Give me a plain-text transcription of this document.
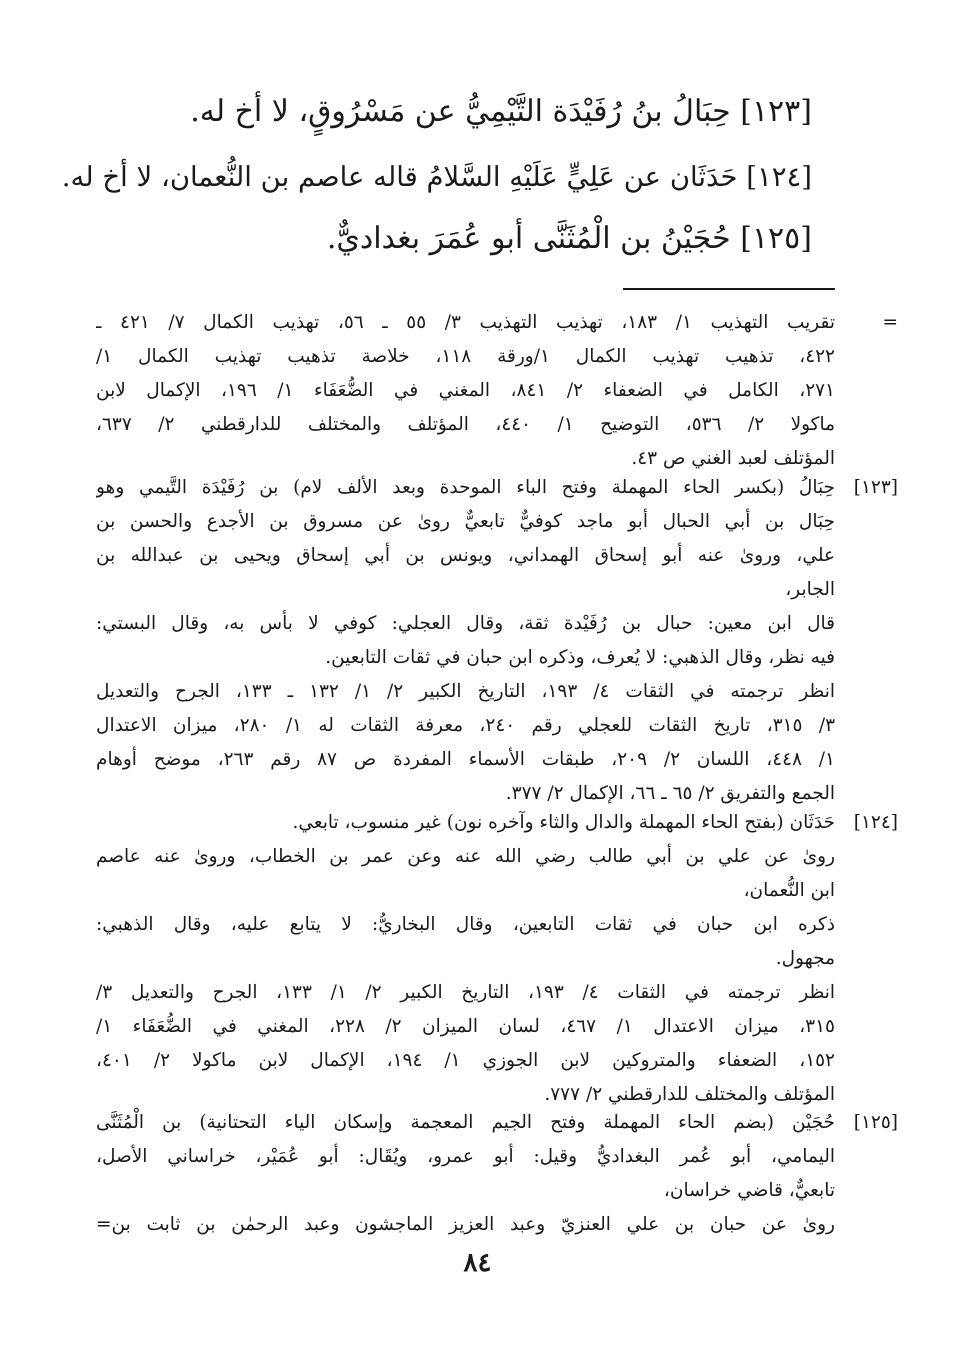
[١٢٣] حِبَالُ بنُ رُفَيْدَة التَّيْمِيُّ عن مَسْرُوقٍ، لا أخ له.
[١٢٤] حَدَثَان عن عَلِيٍّ عَلَيْهِ السَّلامُ قاله عاصم بن النُّعمان، لا أخ له.
[١٢٥] حُجَيْنُ بن الْمُثَنَّى أبو عُمَرَ بغداديٌّ.
=
تقريب التهذيب ١/ ١٨٣، تهذيب التهذيب ٣/ ٥٥ ـ ٥٦، تهذيب الكمال ٧/ ٤٢١ ـ
٤٢٢، تذهيب تهذيب الكمال ١/ورقة ١١٨، خلاصة تذهيب تهذيب الكمال ١/
٢٧١، الكامل في الضعفاء ٢/ ٨٤١، المغني في الضُّعَفَاء ١/ ١٩٦، الإكمال لابن
ماكولا ٢/ ٥٣٦، التوضيح ١/ ٤٤٠، المؤتلف والمختلف للدارقطني ٢/ ٦٣٧،
المؤتلف لعبد الغني ص ٤٣.
[١٢٣]
حِبَالُ (بكسر الحاء المهملة وفتح الباء الموحدة وبعد الألف لام) بن رُفَيْدَة التَّيمي وهو
حِبَال بن أبي الحبال أبو ماجد كوفيٌّ تابعيٌّ روىٰ عن مسروق بن الأجدع والحسن بن
علي، وروىٰ عنه أبو إسحاق الهمداني، ويونس بن أبي إسحاق ويحيى بن عبدالله بن
الجابر،
قال ابن معين: حبال بن رُفَيْدة ثقة، وقال العجلي: كوفي لا بأس به، وقال البستي:
فيه نظر، وقال الذهبي: لا يُعرف، وذكره ابن حبان في ثقات التابعين.
انظر ترجمته في الثقات ٤/ ١٩٣، التاريخ الكبير ٢/ ١/ ١٣٢ ـ ١٣٣، الجرح والتعديل
٣/ ٣١٥، تاريخ الثقات للعجلي رقم ٢٤٠، معرفة الثقات له ١/ ٢٨٠، ميزان الاعتدال
١/ ٤٤٨، اللسان ٢/ ٢٠٩، طبقات الأسماء المفردة ص ٨٧ رقم ٢٦٣، موضح أوهام
الجمع والتفريق ٢/ ٦٥ ـ ٦٦، الإكمال ٢/ ٣٧٧.
[١٢٤]
حَدَثَان (بفتح الحاء المهملة والدال والثاء وآخره نون) غير منسوب، تابعي.
روىٰ عن علي بن أبي طالب رضي الله عنه وعن عمر بن الخطاب، وروىٰ عنه عاصم
ابن النُّعمان،
ذكره ابن حبان في ثقات التابعين، وقال البخاريُّ: لا يتابع عليه، وقال الذهبي:
مجهول.
انظر ترجمته في الثقات ٤/ ١٩٣، التاريخ الكبير ٢/ ١/ ١٣٣، الجرح والتعديل ٣/
٣١٥، ميزان الاعتدال ١/ ٤٦٧، لسان الميزان ٢/ ٢٢٨، المغني في الضُّعَفَاء ١/
١٥٢، الضعفاء والمتروكين لابن الجوزي ١/ ١٩٤، الإكمال لابن ماكولا ٢/ ٤٠١،
المؤتلف والمختلف للدارقطني ٢/ ٧٧٧.
[١٢٥]
حُجَيْن (بضم الحاء المهملة وفتح الجيم المعجمة وإسكان الياء التحتانية) بن الْمُثَنَّى
اليمامي، أبو عُمر البغداديُّ وقيل: أبو عمرو، ويُقَال: أبو عُمَيْر، خراساني الأصل،
تابعيٌّ، قاضي خراسان،
روىٰ عن حبان بن علي العنزيّ وعبد العزيز الماجشون وعبد الرحمٰن بن ثابت بن=
٨٤
